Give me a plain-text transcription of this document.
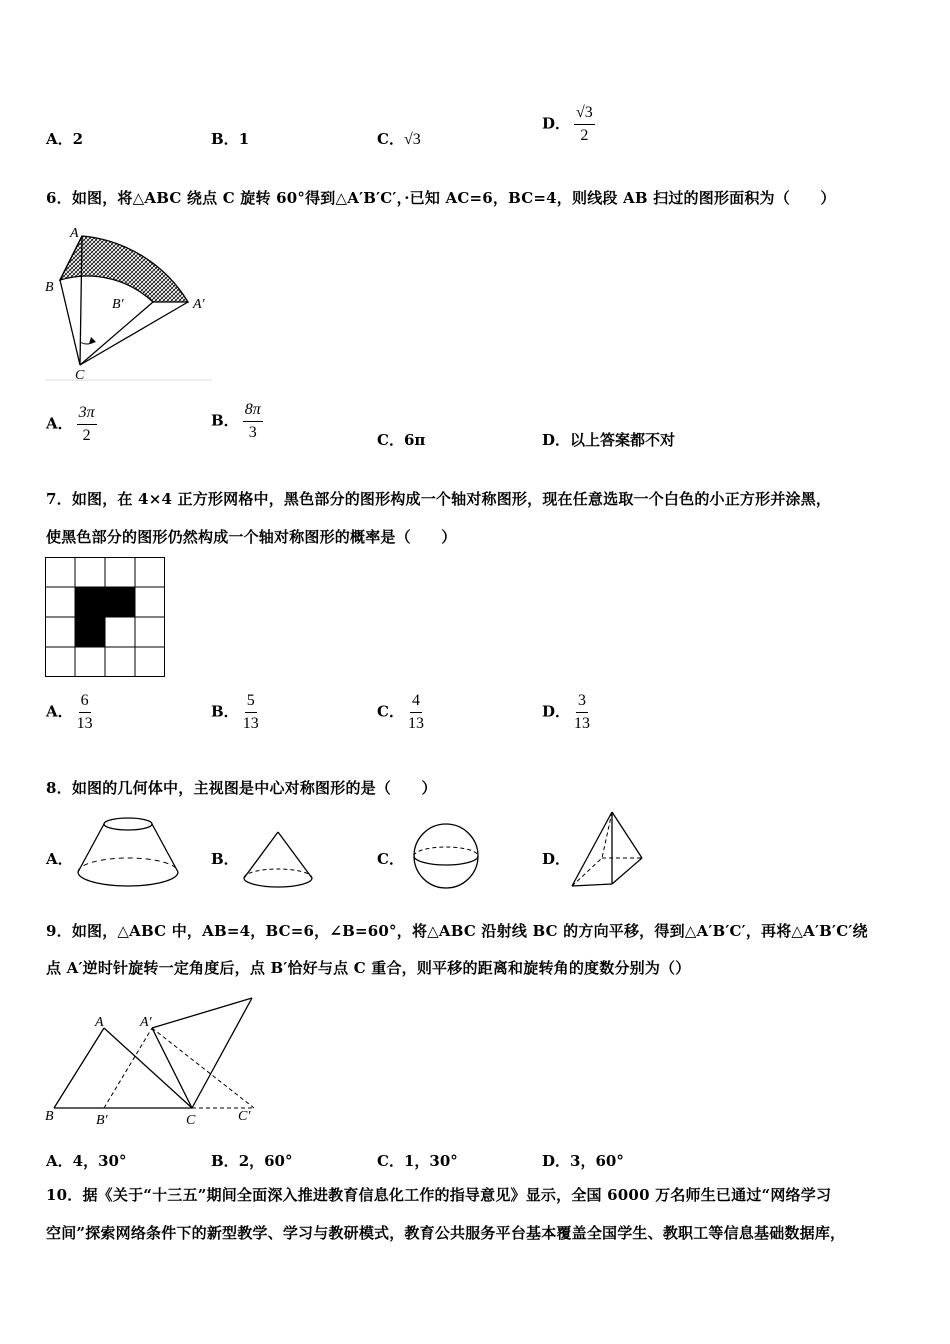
A．2	B．1	C．√3
D． $\frac{√3}{2}$
6．如图，将△ABC 绕点 C 旋转 60°得到△A′B′C′，·已知 AC=6，BC=4，则线段 AB 扫过的图形面积为（　　）
A
B
B′	A′
C
A． $\frac{3\pi}{2}$	B． $\frac{8\pi}{3}$	C．6π	D．以上答案都不对
7．如图，在 4×4 正方形网格中，黑色部分的图形构成一个轴对称图形，现在任意选取一个白色的小正方形并涂黑，
使黑色部分的图形仍然构成一个轴对称图形的概率是（　　）
A． $\frac{6}{13}$	B． $\frac{5}{13}$	C． $\frac{4}{13}$	D． $\frac{3}{13}$
8．如图的几何体中，主视图是中心对称图形的是（　　）
A．	B．	C．	D．
9．如图，△ABC 中，AB=4，BC=6，∠B=60°，将△ABC 沿射线 BC 的方向平移，得到△A′B′C′，再将△A′B′C′绕
点 A′逆时针旋转一定角度后，点 B′恰好与点 C 重合，则平移的距离和旋转角的度数分别为（）
A	A′
B	B′	C	C′
A．4，30°	B．2，60°	C．1，30°	D．3，60°
10．据《关于“十三五”期间全面深入推进教育信息化工作的指导意见》显示，全国 6000 万名师生已通过“网络学习
空间”探索网络条件下的新型教学、学习与教研模式，教育公共服务平台基本覆盖全国学生、教职工等信息基础数据库，
